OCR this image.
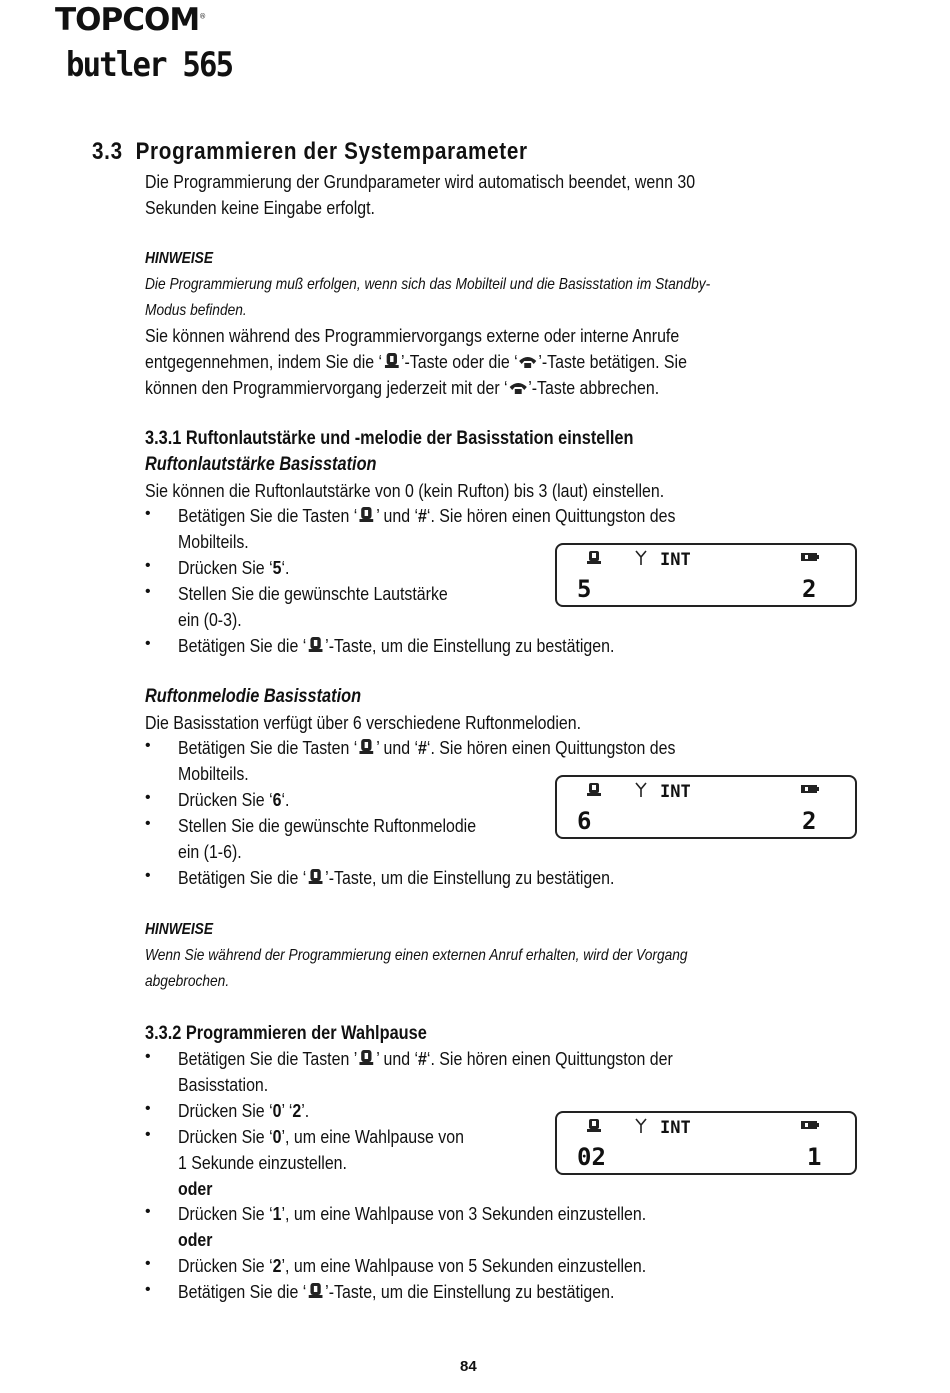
TOPCOM®
butler 565
3.3 Programmieren der Systemparameter
Die Programmierung der Grundparameter wird automatisch beendet, wenn 30
Sekunden keine Eingabe erfolgt.
HINWEISE
Die Programmierung muß erfolgen, wenn sich das Mobilteil und die Basisstation im Standby-
Modus befinden.
Sie können während des Programmiervorgangs externe oder interne Anrufe
entgegennehmen, indem Sie die ‘ ’-Taste oder die ‘ ’-Taste betätigen. Sie
können den Programmiervorgang jederzeit mit der ‘ ’-Taste abbrechen.
3.3.1 Ruftonlautstärke und -melodie der Basisstation einstellen
Ruftonlautstärke Basisstation
Sie können die Ruftonlautstärke von 0 (kein Rufton) bis 3 (laut) einstellen.
• Betätigen Sie die Tasten ‘ ’ und ‘#‘. Sie hören einen Quittungston des
Mobilteils.
• Drücken Sie ‘5‘.
• Stellen Sie die gewünschte Lautstärke
ein (0-3).
• Betätigen Sie die ‘ ’-Taste, um die Einstellung zu bestätigen.
INT
5	2
Ruftonmelodie Basisstation
Die Basisstation verfügt über 6 verschiedene Ruftonmelodien.
• Betätigen Sie die Tasten ‘ ’ und ‘#‘. Sie hören einen Quittungston des
Mobilteils.
• Drücken Sie ‘6‘.
• Stellen Sie die gewünschte Ruftonmelodie
ein (1-6).
• Betätigen Sie die ‘ ’-Taste, um die Einstellung zu bestätigen.
INT
6	2
HINWEISE
Wenn Sie während der Programmierung einen externen Anruf erhalten, wird der Vorgang
abgebrochen.
3.3.2 Programmieren der Wahlpause
• Betätigen Sie die Tasten ’ ’ und ‘#‘. Sie hören einen Quittungston der
Basisstation.
• Drücken Sie ‘0’ ‘2’.
• Drücken Sie ‘0’, um eine Wahlpause von
1 Sekunde einzustellen.
oder
• Drücken Sie ‘1’, um eine Wahlpause von 3 Sekunden einzustellen.
oder
• Drücken Sie ‘2’, um eine Wahlpause von 5 Sekunden einzustellen.
• Betätigen Sie die ‘ ’-Taste, um die Einstellung zu bestätigen.
INT
02	1
84
